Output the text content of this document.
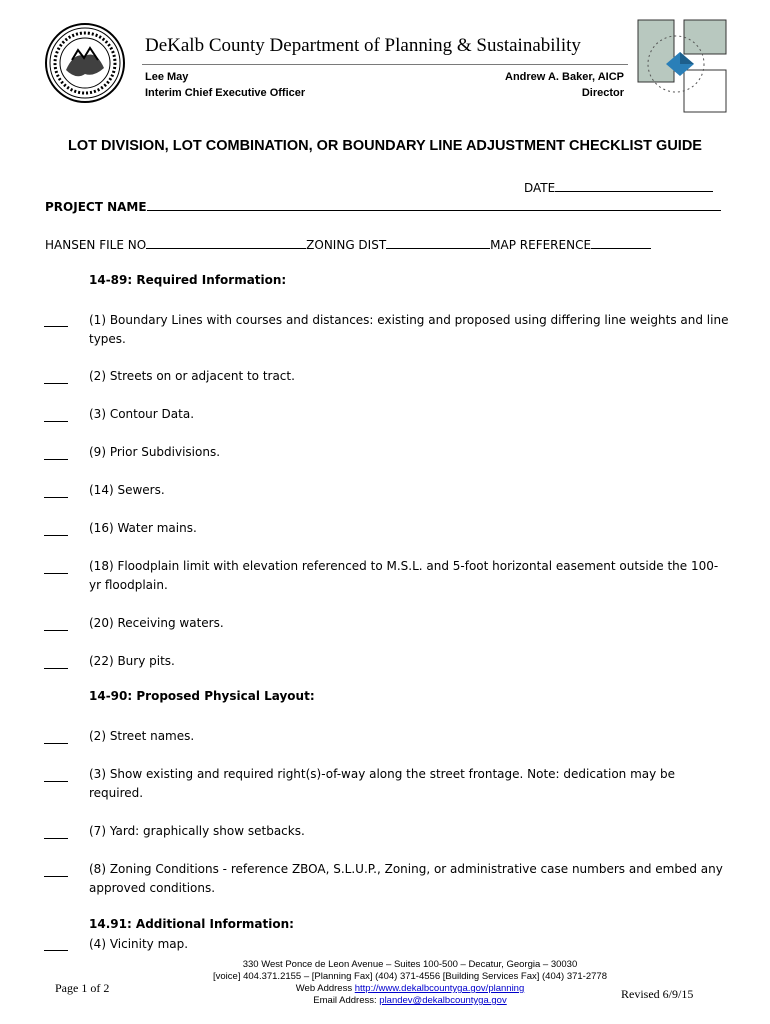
DeKalb County Department of Planning & Sustainability
Lee May
Interim Chief Executive Officer
Andrew A. Baker, AICP
Director
LOT DIVISION, LOT COMBINATION, OR BOUNDARY LINE ADJUSTMENT CHECKLIST GUIDE
DATE
PROJECT NAME
HANSEN FILE NO	ZONING DIST	MAP REFERENCE
14-89: Required Information:
(1) Boundary Lines with courses and distances: existing and proposed using differing line weights and line types.
(2) Streets on or adjacent to tract.
(3) Contour Data.
(9) Prior Subdivisions.
(14) Sewers.
(16) Water mains.
(18) Floodplain limit with elevation referenced to M.S.L. and 5-foot horizontal easement outside the 100-yr floodplain.
(20) Receiving waters.
(22) Bury pits.
14-90: Proposed Physical Layout:
(2) Street names.
(3) Show existing and required right(s)-of-way along the street frontage. Note: dedication may be required.
(7) Yard: graphically show setbacks.
(8) Zoning Conditions - reference ZBOA, S.L.U.P., Zoning, or administrative case numbers and embed any approved conditions.
14.91: Additional Information:
(4) Vicinity map.
330 West Ponce de Leon Avenue – Suites 100-500 – Decatur, Georgia – 30030
[voice] 404.371.2155 – [Planning Fax] (404) 371-4556 [Building Services Fax] (404) 371-2778
Web Address http://www.dekalbcountyga.gov/planning
Email Address: plandev@dekalbcountyga.gov
Page 1 of 2	Revised 6/9/15
